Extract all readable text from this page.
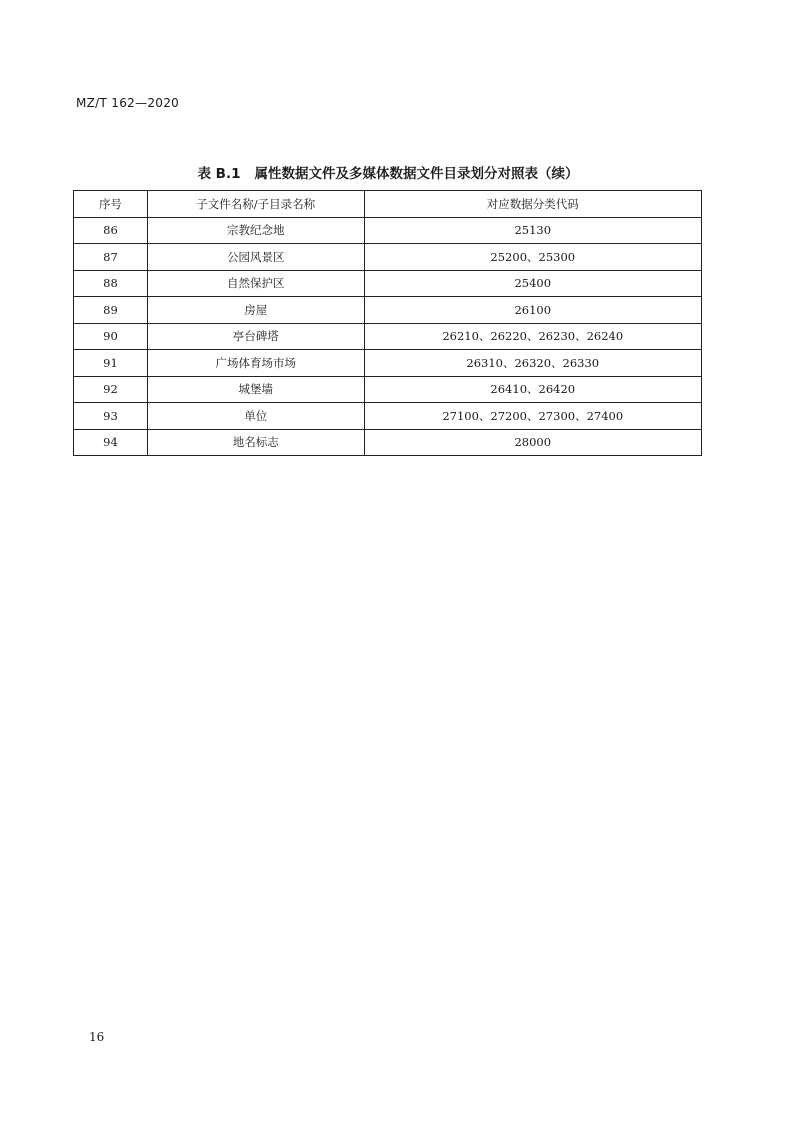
MZ/T 162—2020
表 B.1 属性数据文件及多媒体数据文件目录划分对照表（续）
序号	子文件名称/子目录名称	对应数据分类代码
86	宗教纪念地	25130
87	公园风景区	25200、25300
88	自然保护区	25400
89	房屋	26100
90	亭台碑塔	26210、26220、26230、26240
91	广场体育场市场	26310、26320、26330
92	城堡墙	26410、26420
93	单位	27100、27200、27300、27400
94	地名标志	28000
16
